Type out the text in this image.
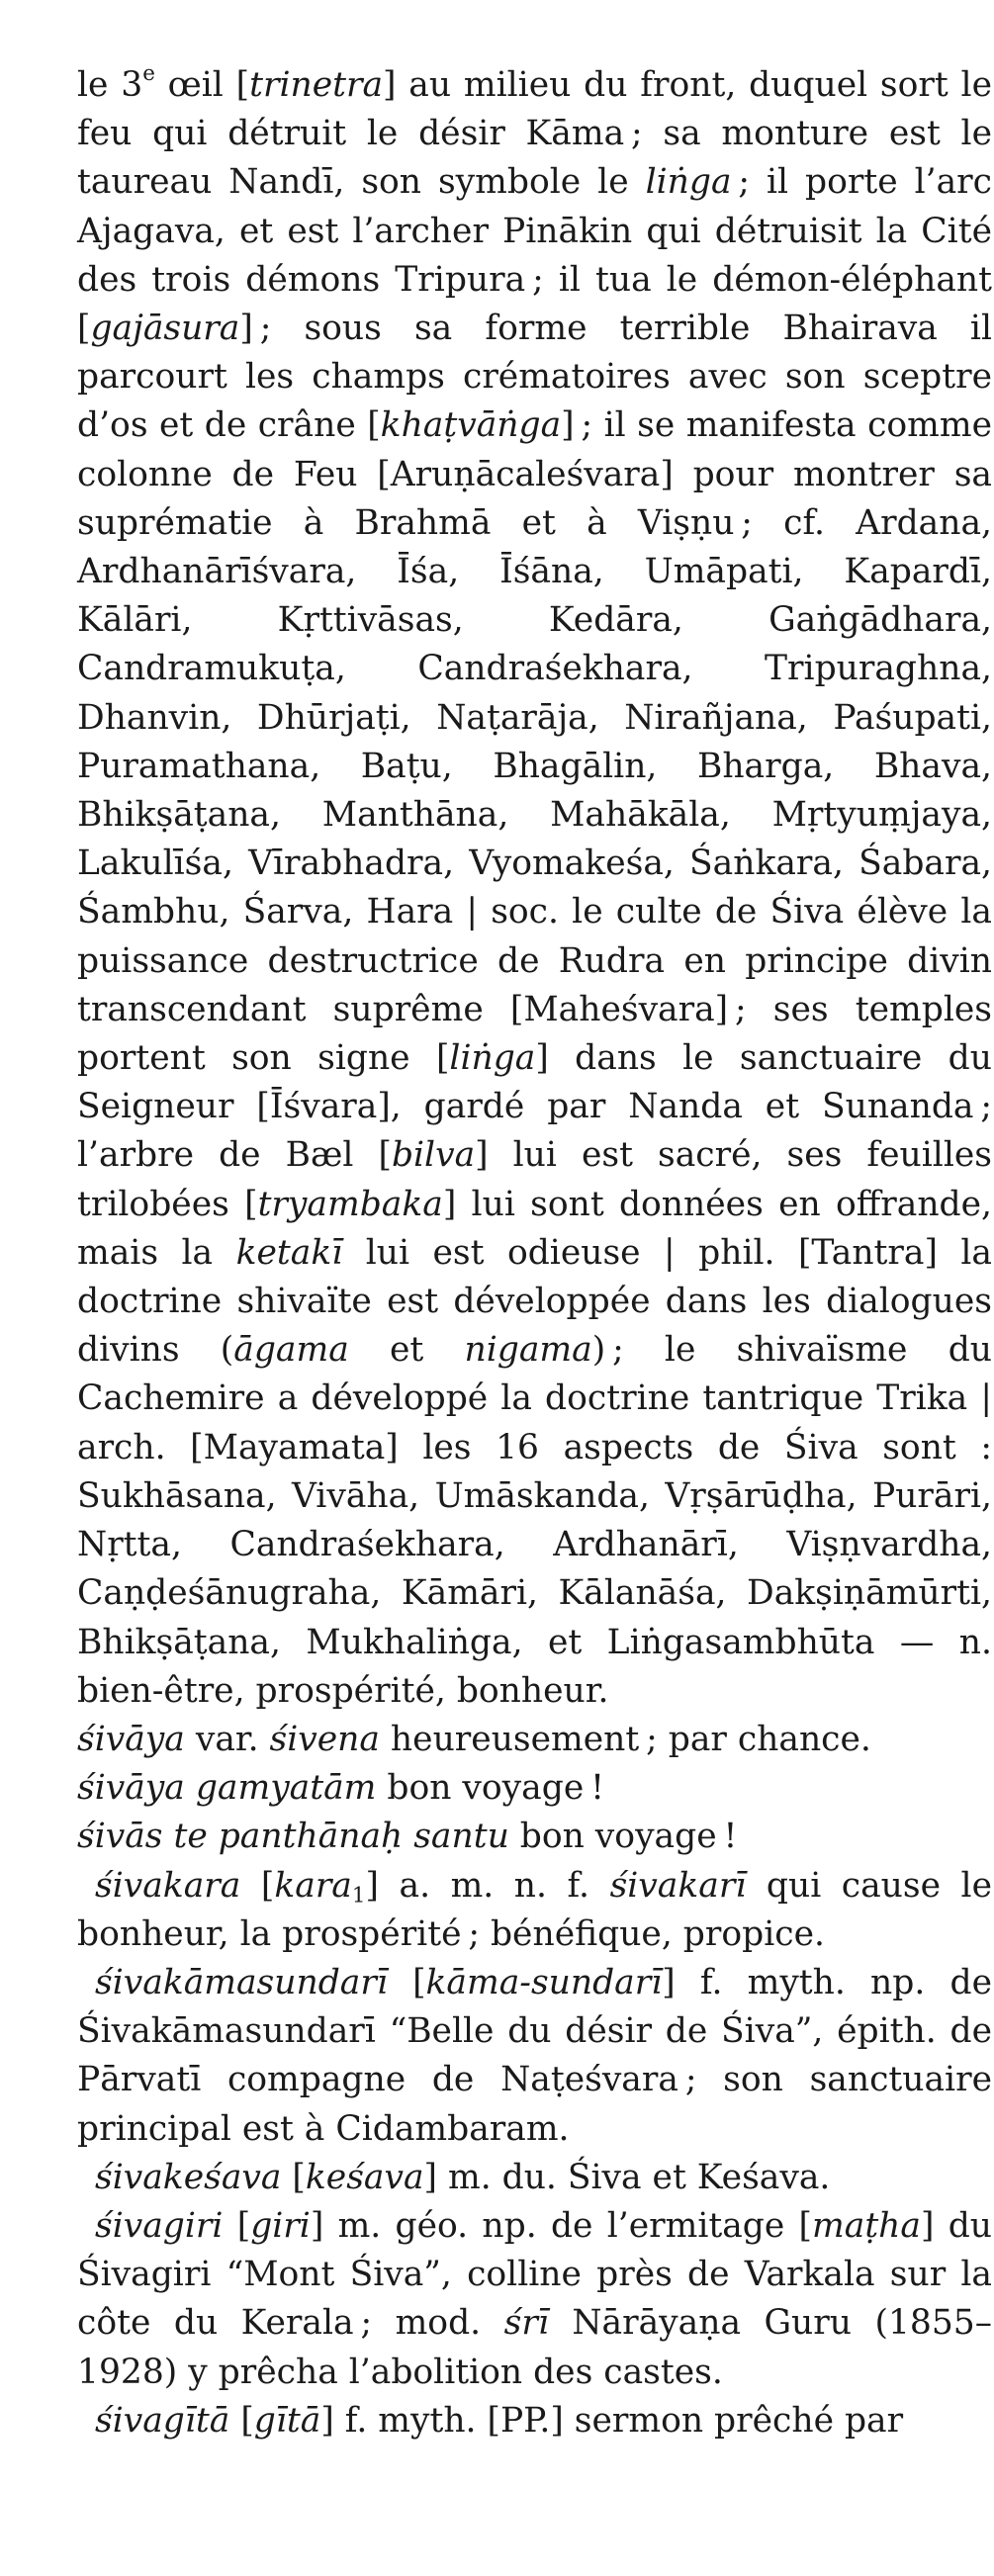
le 3e œil [trinetra] au milieu du front, duquel sort le feu qui détruit le désir Kāma ; sa monture est le taureau Nandī, son symbole le liṅga ; il porte l’arc Ajagava, et est l’archer Pinākin qui détruisit la Cité des trois démons Tripura ; il tua le démon-éléphant [gajāsura] ; sous sa forme terrible Bhairava il parcourt les champs crématoires avec son sceptre d’os et de crâne [khaṭvāṅga] ; il se manifesta comme colonne de Feu [Aruṇācaleśvara] pour montrer sa suprématie à Brahmā et à Viṣṇu ; cf. Ardana, Ardhanārīśvara, Īśa, Īśāna, Umāpati, Kapardī, Kālāri, Kṛttivāsas, Kedāra, Gaṅgādhara, Candramukuṭa, Candraśekhara, Tripuraghna, Dhanvin, Dhūrjaṭi, Naṭarāja, Nirañjana, Paśupati, Puramathana, Baṭu, Bhagālin, Bharga, Bhava, Bhikṣāṭana, Manthāna, Mahākāla, Mṛtyuṃjaya, Lakulīśa, Vīrabhadra, Vyomakeśa, Śaṅkara, Śabara, Śambhu, Śarva, Hara | soc. le culte de Śiva élève la puissance destructrice de Rudra en principe divin transcendant suprême [Maheśvara] ; ses temples portent son signe [liṅga] dans le sanctuaire du Seigneur [Īśvara], gardé par Nanda et Sunanda ; l’arbre de Bæl [bilva] lui est sacré, ses feuilles trilobées [tryambaka] lui sont données en offrande, mais la ketakī lui est odieuse | phil. [Tantra] la doctrine shivaïte est développée dans les dialogues divins (āgama et nigama) ; le shivaïsme du Cachemire a développé la doctrine tantrique Trika | arch. [Mayamata] les 16 aspects de Śiva sont : Sukhāsana, Vivāha, Umāskanda, Vṛṣārūḍha, Purāri, Nṛtta, Candraśekhara, Ardhanārī, Viṣṇvardha, Caṇḍeśānugraha, Kāmāri, Kālanāśa, Dakṣiṇāmūrti, Bhikṣāṭana, Mukhaliṅga, et Liṅgasambhūta — n. bien-être, prospérité, bonheur.

śivāya var. śivena heureusement ; par chance.

śivāya gamyatām bon voyage !

śivās te panthānaḥ santu bon voyage !

śivakara [kara$_1$] a. m. n. f. śivakarī qui cause le bonheur, la prospérité ; bénéfique, propice.

śivakāmasundarī [kāma-sundarī] f. myth. np. de Śivakāmasundarī “Belle du désir de Śiva”, épith. de Pārvatī compagne de Naṭeśvara ; son sanctuaire principal est à Cidambaram.

śivakeśava [keśava] m. du. Śiva et Keśava.

śivagiri [giri] m. géo. np. de l’ermitage [maṭha] du Śivagiri “Mont Śiva”, colline près de Varkala sur la côte du Kerala ; mod. śrī Nārāyaṇa Guru (1855–1928) y prêcha l’abolition des castes.

śivagītā [gītā] f. myth. [PP.] sermon prêché par
